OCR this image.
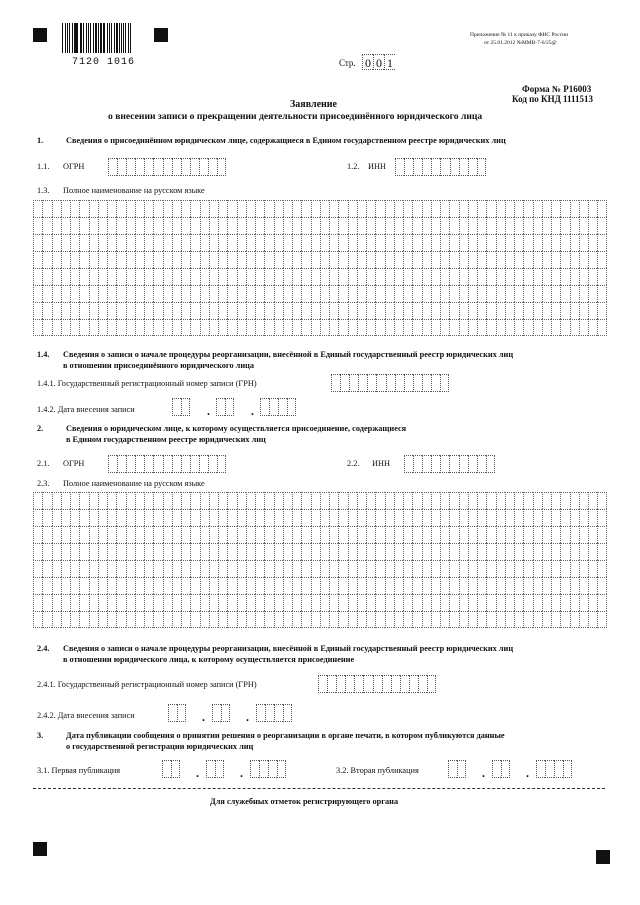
7120 1016
Приложение № 11 к приказу ФНС России
от 25.01.2012 №ММВ-7-6/25@
Стр. 0 0 1
Форма № Р16003
Код по КНД 1111513
Заявление
о внесении записи о прекращении деятельности присоединённого юридического лица
1.	Сведения о присоединённом юридическом лице, содержащиеся в Едином государственном реестре юридических лиц
1.1. ОГРН	1.2. ИНН
1.3. Полное наименование на русском языке
1.4. Сведения о записи о начале процедуры реорганизации, внесённой в Единый государственный реестр юридических лиц
в отношении присоединённого юридического лица
1.4.1. Государственный регистрационный номер записи (ГРН)
1.4.2. Дата внесения записи	.	.
2.	Сведения о юридическом лице, к которому осуществляется присоединение, содержащиеся
в Едином государственном реестре юридических лиц
2.1. ОГРН	2.2. ИНН
2.3. Полное наименование на русском языке
2.4. Сведения о записи о начале процедуры реорганизации, внесённой в Единый государственный реестр юридических лиц
в отношении юридического лица, к которому осуществляется присоединение
2.4.1. Государственный регистрационный номер записи (ГРН)
2.4.2. Дата внесения записи	.	.
3.	Дата публикации сообщения о принятии решения о реорганизации в органе печати, в котором публикуются данные
о государственной регистрации юридических лиц
3.1. Первая публикация	.	.	3.2. Вторая публикация	.	.
Для служебных отметок регистрирующего органа
